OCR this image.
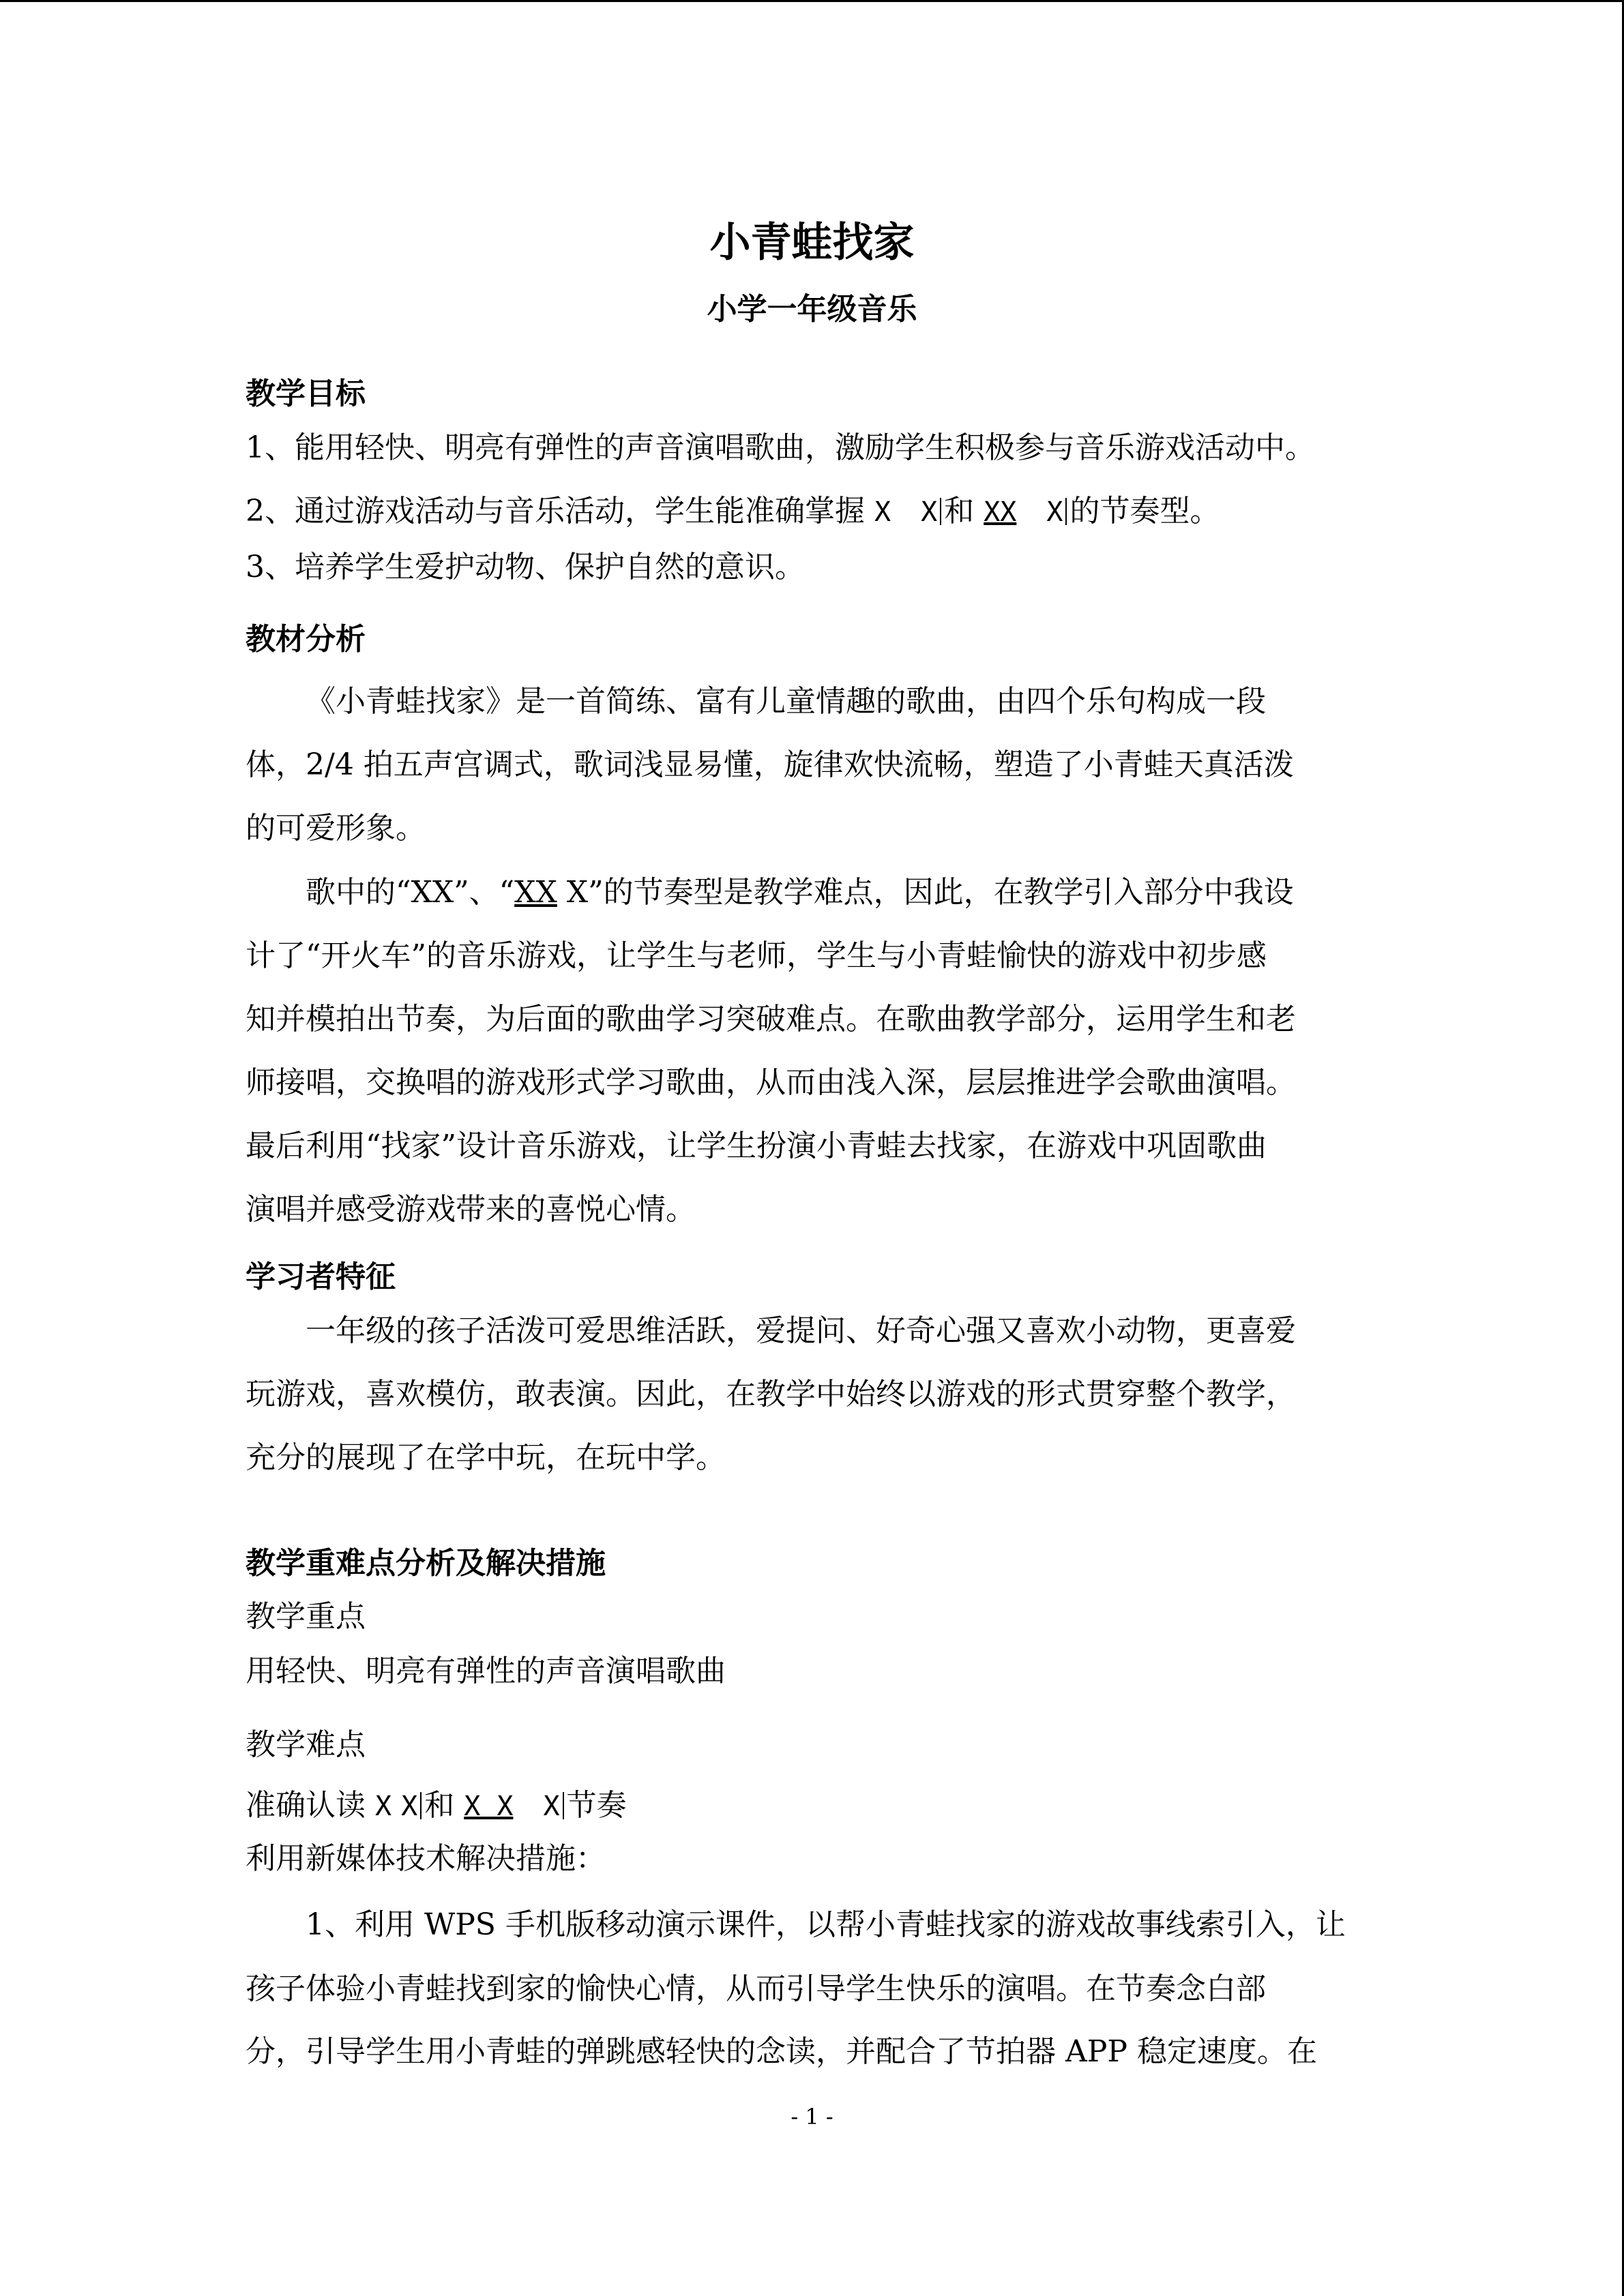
小青蛙找家
小学一年级音乐
教学目标
1、能用轻快、明亮有弹性的声音演唱歌曲，激励学生积极参与音乐游戏活动中。
2、通过游戏活动与音乐活动，学生能准确掌握 X X 和 XX X 的节奏型。
3、培养学生爱护动物、保护自然的意识。
教材分析
《小青蛙找家》是一首简练、富有儿童情趣的歌曲，由四个乐句构成一段
体，2/4 拍五声宫调式，歌词浅显易懂，旋律欢快流畅，塑造了小青蛙天真活泼
的可爱形象。
歌中的“XX”、“XX X”的节奏型是教学难点，因此，在教学引入部分中我设
计了“开火车”的音乐游戏，让学生与老师，学生与小青蛙愉快的游戏中初步感
知并模拍出节奏，为后面的歌曲学习突破难点。在歌曲教学部分，运用学生和老
师接唱，交换唱的游戏形式学习歌曲，从而由浅入深，层层推进学会歌曲演唱。
最后利用“找家”设计音乐游戏，让学生扮演小青蛙去找家，在游戏中巩固歌曲
演唱并感受游戏带来的喜悦心情。
学习者特征
一年级的孩子活泼可爱思维活跃，爱提问、好奇心强又喜欢小动物，更喜爱
玩游戏，喜欢模仿，敢表演。因此，在教学中始终以游戏的形式贯穿整个教学，
充分的展现了在学中玩，在玩中学。
教学重难点分析及解决措施
教学重点
用轻快、明亮有弹性的声音演唱歌曲
教学难点
准确认读 X X 和 X X X 节奏
利用新媒体技术解决措施：
1、利用 WPS 手机版移动演示课件，以帮小青蛙找家的游戏故事线索引入，让
孩子体验小青蛙找到家的愉快心情，从而引导学生快乐的演唱。在节奏念白部
分，引导学生用小青蛙的弹跳感轻快的念读，并配合了节拍器 APP 稳定速度。在
- 1 -
